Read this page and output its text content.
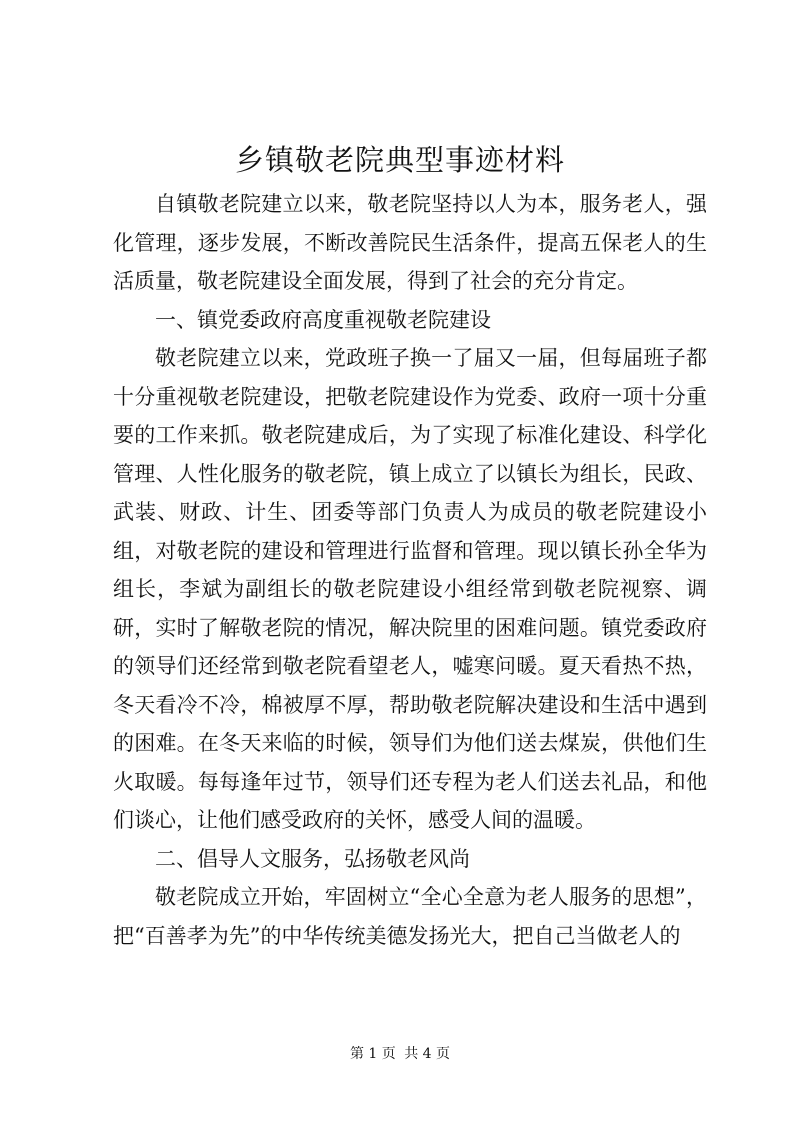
乡镇敬老院典型事迹材料

自镇敬老院建立以来，敬老院坚持以人为本，服务老人，强化管理，逐步发展，不断改善院民生活条件，提高五保老人的生活质量，敬老院建设全面发展，得到了社会的充分肯定。

一、镇党委政府高度重视敬老院建设

敬老院建立以来，党政班子换一了届又一届，但每届班子都十分重视敬老院建设，把敬老院建设作为党委、政府一项十分重要的工作来抓。敬老院建成后，为了实现了标准化建设、科学化管理、人性化服务的敬老院，镇上成立了以镇长为组长，民政、武装、财政、计生、团委等部门负责人为成员的敬老院建设小组，对敬老院的建设和管理进行监督和管理。现以镇长孙全华为组长，李斌为副组长的敬老院建设小组经常到敬老院视察、调研，实时了解敬老院的情况，解决院里的困难问题。镇党委政府的领导们还经常到敬老院看望老人，嘘寒问暖。夏天看热不热，冬天看冷不冷，棉被厚不厚，帮助敬老院解决建设和生活中遇到的困难。在冬天来临的时候，领导们为他们送去煤炭，供他们生火取暖。每每逢年过节，领导们还专程为老人们送去礼品，和他们谈心，让他们感受政府的关怀，感受人间的温暖。

二、倡导人文服务，弘扬敬老风尚

敬老院成立开始，牢固树立“全心全意为老人服务的思想”，把“百善孝为先”的中华传统美德发扬光大，把自己当做老人的

第 1 页 共 4 页
